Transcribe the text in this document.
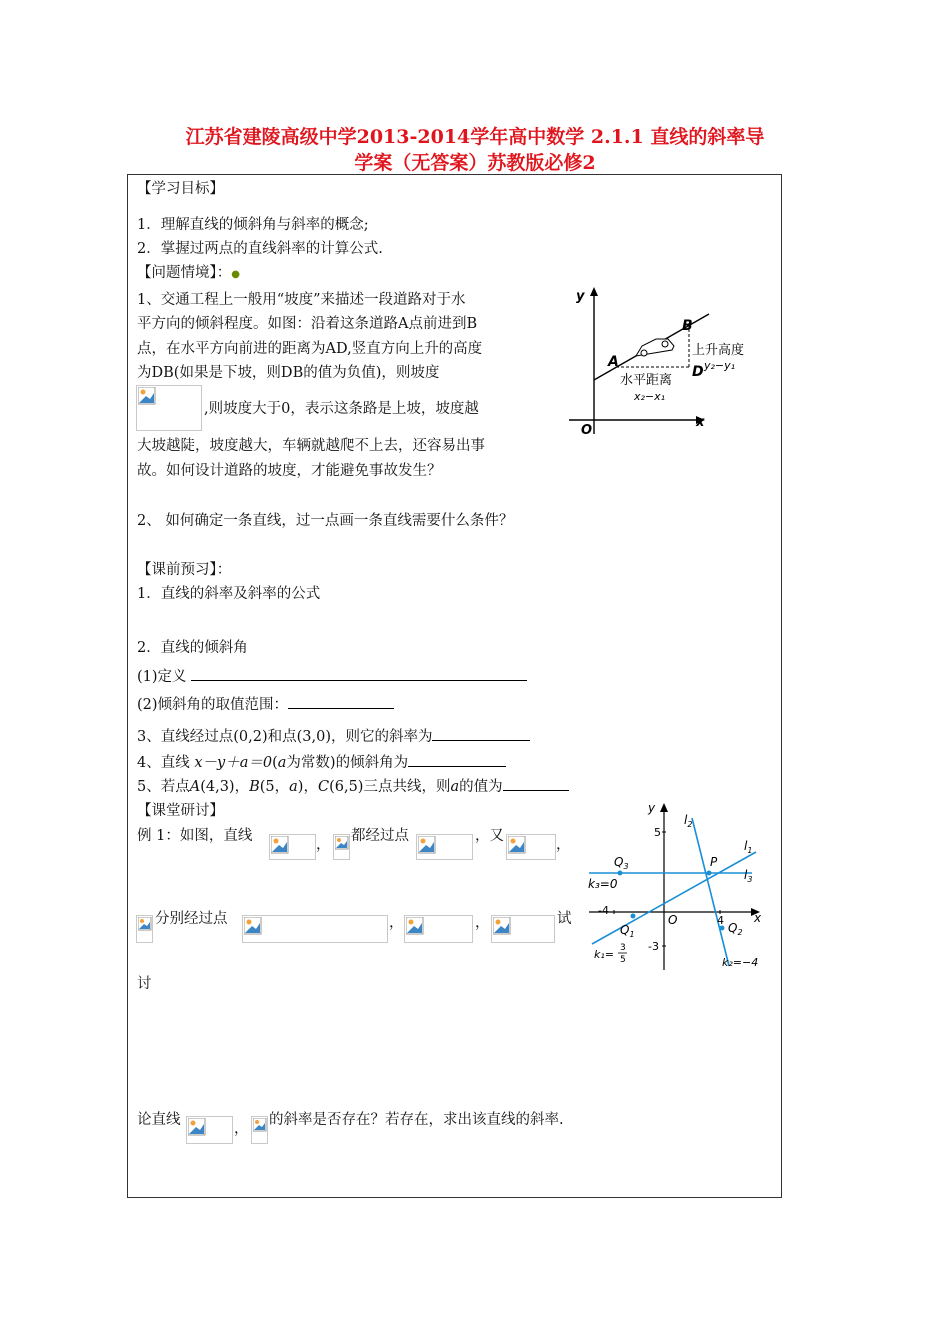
江苏省建陵高级中学2013-2014学年高中数学 2.1.1 直线的斜率导
学案（无答案）苏教版必修2
【学习目标】
1．理解直线的倾斜角与斜率的概念;
2．掌握过两点的直线斜率的计算公式.
【问题情境】：●
1、交通工程上一般用“坡度”来描述一段道路对于水
平方向的倾斜程度。如图：沿着这条道路A点前进到B
点，在水平方向前进的距离为AD,竖直方向上升的高度
为DB(如果是下坡，则DB的值为负值)，则坡度
,则坡度大于0，表示这条路是上坡，坡度越
大坡越陡，坡度越大，车辆就越爬不上去，还容易出事
故。如何设计道路的坡度，才能避免事故发生？
2、 如何确定一条直线，过一点画一条直线需要什么条件？
y
x
O
A
B
D
上升高度
y₂−y₁
水平距离
x₂−x₁
【课前预习】：
1．直线的斜率及斜率的公式
2．直线的倾斜角
(1)定义
(2)倾斜角的取值范围：
3、直线经过点(0,2)和点(3,0)，则它的斜率为
4、直线 x－y＋a＝0(a为常数)的倾斜角为
5、若点A(4,3)，B(5，a)，C(6,5)三点共线，则a的值为
【课堂研讨】
例 1：如图，直线
，
都经过点	，又
，
分别经过点	，	，	试
讨
论直线
，
的斜率是否存在？若存在，求出该直线的斜率.
y
x
O
P
5
-4
4
-3
$l_2$
$l_1$
$l_3$
$Q_3$
$Q_1$	$Q_2$
k₃=0
k₁= 3
5	k₂=−4
